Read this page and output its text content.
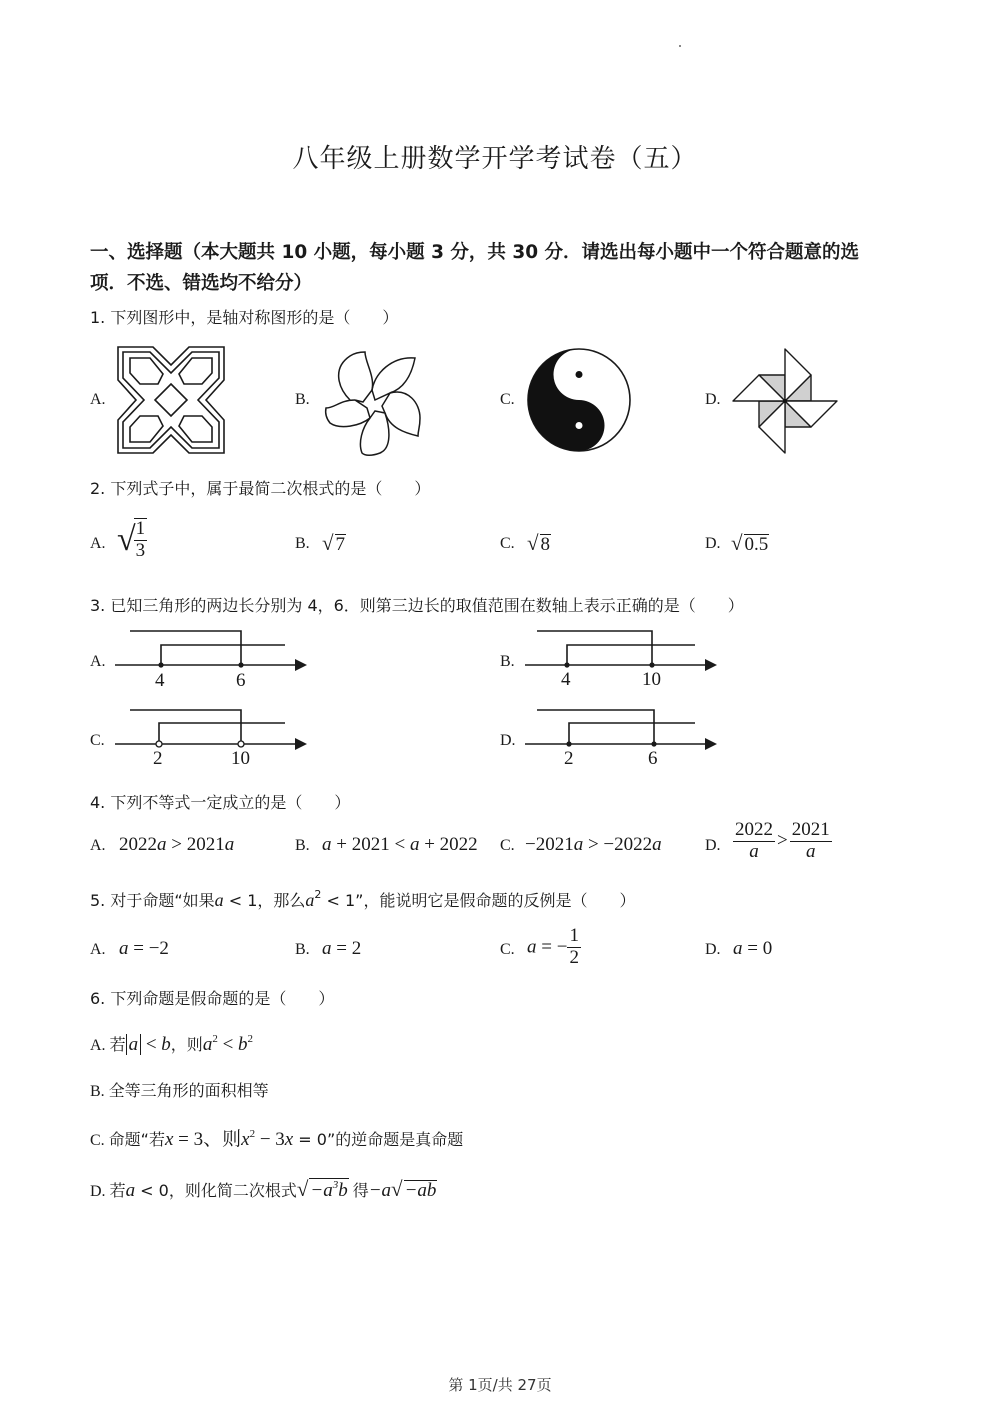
八年级上册数学开学考试卷（五）
一、选择题（本大题共 10 小题，每小题 3 分，共 30 分．请选出每小题中一个符合题意的选
项．不选、错选均不给分）
1. 下列图形中，是轴对称图形的是（　　）
A.	B.	C.	D.
2. 下列式子中，属于最简二次根式的是（　　）
A. √
$\frac{1}{3}$	B. √ 7	C. √ 8	D. √ 0.5
3. 已知三角形的两边长分别为 4，6．则第三边长的取值范围在数轴上表示正确的是（　　）
A.
4	6
B.
4	10
C.
2	10
D.
2	6
4. 下列不等式一定成立的是（　　）
A. 2022a > 2021a	B. a + 2021 < a + 2022 C. −2021a > −2022a	D. $\frac{2022}{a} > \frac{2021}{a}$
5. 对于命题“如果a < 1，那么$a^2 < 1$”，能说明它是假命题的反例是（　　）
A. a = −2	B. a = 2	C. a = − $\frac{1}{2}$	D. a = 0
6. 下列命题是假命题的是（　　）
A. 若 a < b，则$a^2 < b^2$
B. 全等三角形的面积相等
C. 命题“若x = 3、则$x^2 - 3x = 0$”的逆命题是真命题
D. 若a < 0，则化简二次根式√ $-a^3b$ 得−a√ −ab
第 1页/共 27页
